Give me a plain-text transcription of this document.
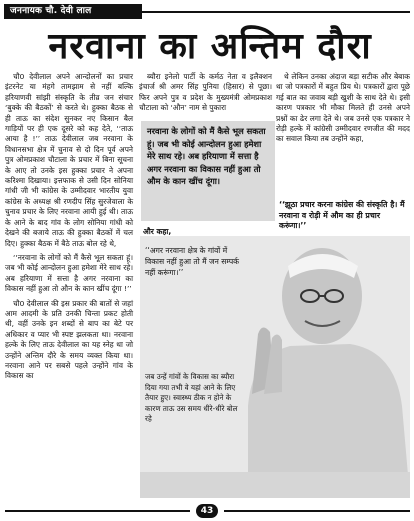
जननायक चौ. देवी लाल
नरवाना का अन्तिम दौरा

चौ0 देवीलाल अपने आन्दोलनों का प्रचार इंटरनेट या मंहगे तामझाम से नहीं बल्कि हरियाणवी सांझी संस्कृति के तीव्र जन संचार ‘बुक्के की बैठकों’ से करते थे। हुक्का बैठक से ही ताऊ का संदेश सुनकर नए किसान बैल गाड़ियों पर ही एक दूसरे को कह देते, ‘‘ताऊ आया है !’’ ताऊ देवीलाल जब नरवाना के विधानसभा क्षेत्र में चुनाव से दो दिन पूर्व अपने पुत्र ओमप्रकाश चौटाला के प्रचार में बिना सूचना के आए तो उनके इस हुक्का प्रचार ने अपना करिश्मा दिखाया। इत्तफाक से उसी दिन सोनिया गांधी जी भी कांग्रेस के उम्मीदवार भारतीय युवा कांग्रेस के अध्यक्ष श्री रणदीप सिंह सुरजेवाला के चुनाव प्रचार के लिए नरवाना आयी हुई थी। ताऊ के आने के बाद गांव के लोग सोनिया गांधी को देखने की बजाये ताऊ की हुक्का बैठकों में चल दिए। हुक्का बैठक में बैठे ताऊ बोल रहे थे,

‘‘नरवाना के लोगों को मैं कैसे भूल सकता हूं। जब भी कोई आन्दोलन हुआ हमेशा मेरे साथ रहे। अब हरियाणा में सत्ता है अगर नरवाना का विकास नहीं हुआ तो औन के कान खींच दूंगा !’’

चौ0 देवीलाल की इस प्रकार की बातों से जहां आम आदमी के प्रति उनकी चिन्ता प्रकट होती थी, वहीं उनके इन शब्दों से बाप का बेटे पर अधिकार व प्यार भी स्पष्ट झलकता था। नरवाना हल्के के लिए ताऊ देवीलाल का यह स्नेह था जो उन्होंने अन्तिम दौरे के समय व्यक्त किया था। नरवाना आने पर सबसे पहले उन्होंने गांव के विकास का

ब्यौरा इनेलो पार्टी के कर्मठ नेता व इलैक्शन इंचार्ज श्री अमर सिंह पुनिया (हिसार) से पूछा। फिर अपने पुत्र व प्रदेश के मुख्यमंत्री ओमप्रकाश चौटाला को ‘औन’ नाम से पुकारा

नरवाना के लोगों को मैं कैसे भूल सकता हूं। जब भी कोई आन्दोलन हुआ हमेशा मेरे साथ रहे। अब हरियाणा में सत्ता है अगर नरवाना का विकास नहीं हुआ तो औम के कान खींच दूंगा।

थे लेकिन उनका अंदाज बड़ा सटीक और बेबाक था जो पत्रकारों में बहुत प्रिय थे। पत्रकारों द्वारा पूछे गई बात का जवाब बड़ी खुशी के साथ देते थे। इसी कारण पत्रकार भी मौका मिलते ही उनसे अपने प्रश्नों का ढेर लगा देते थे। जब उनसे एक पत्रकार ने रोड़ी हल्के में कांग्रेसी उम्मीदवार रणजीत की मदद का सवाल किया तब उन्होंने कहा,

‘‘झूठा प्रचार करना कांग्रेस की संस्कृति है। मैं नरवाना व रोड़ी में औम का ही प्रचार करूंगा।’’
और कहा,
‘‘अगर नरवाना क्षेत्र के गांवों में विकास नहीं हुआ तो मैं जन सम्पर्क नहीं करूंगा।’’
जब उन्हें गांवों के विकास का ब्यौरा दिया गया तभी वे यहां आने के लिए तैयार हुए। स्वास्थ्य ठीक न होने के कारण ताऊ उस समय धीरे-धीरे बोल रहे
43
